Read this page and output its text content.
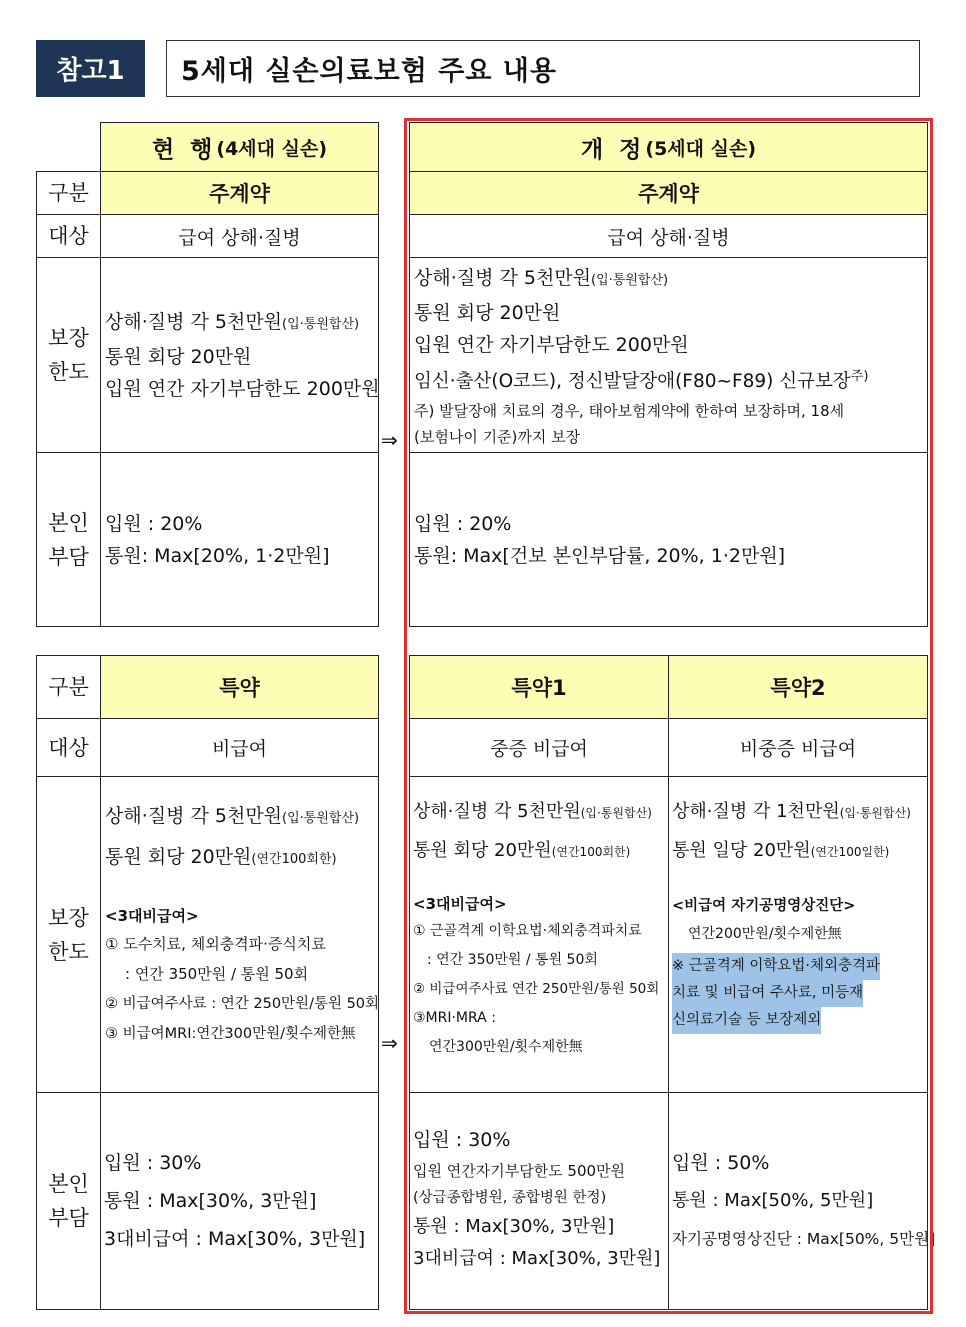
참고1	5세대 실손의료보험 주요 내용
구분
대상
보장
한도
본인
부담
현 행 (4세대 실손)
주계약
급여 상해·질병
상해·질병 각 5천만원(입·통원합산)
통원 회당 20만원
입원 연간 자기부담한도 200만원
입원 : 20%
통원: Max[20%, 1·2만원]
⇒
개 정 (5세대 실손)
주계약
급여 상해·질병
상해·질병 각 5천만원(입·통원합산)
통원 회당 20만원
입원 연간 자기부담한도 200만원
임신·출산(O코드), 정신발달장애(F80~F89) 신규보장$^{주)}$
주) 발달장애 치료의 경우, 태아보험계약에 한하여 보장하며, 18세
(보험나이 기준)까지 보장
입원 : 20%
통원: Max[건보 본인부담률, 20%, 1·2만원]
구분
대상
보장
한도
본인
부담
특약
비급여
상해·질병 각 5천만원(입·통원합산)
통원 회당 20만원(연간100회한)
<3대비급여>
① 도수치료, 체외충격파·증식치료
: 연간 350만원 / 통원 50회
② 비급여주사료 : 연간 250만원/통원 50회
③ 비급여MRI:연간300만원/횟수제한無
입원 : 30%
통원 : Max[30%, 3만원]
3대비급여 : Max[30%, 3만원]
⇒
특약1
중증 비급여
상해·질병 각 5천만원(입·통원합산)
통원 회당 20만원(연간100회한)
<3대비급여>
① 근골격계 이학요법·체외충격파치료
: 연간 350만원 / 통원 50회
② 비급여주사료 연간 250만원/통원 50회
③MRI·MRA :
연간300만원/횟수제한無
입원 : 30%
입원 연간자기부담한도 500만원
(상급종합병원, 종합병원 한정)
통원 : Max[30%, 3만원]
3대비급여 : Max[30%, 3만원]
특약2
비중증 비급여
상해·질병 각 1천만원(입·통원합산)
통원 일당 20만원(연간100일한)
<비급여 자기공명영상진단>
연간200만원/횟수제한無
※ 근골격계 이학요법·체외충격파 치료 및 비급여 주사료, 미등재 신의료기술 등 보장제외
입원 : 50%
통원 : Max[50%, 5만원]
자기공명영상진단 : Max[50%, 5만원]
